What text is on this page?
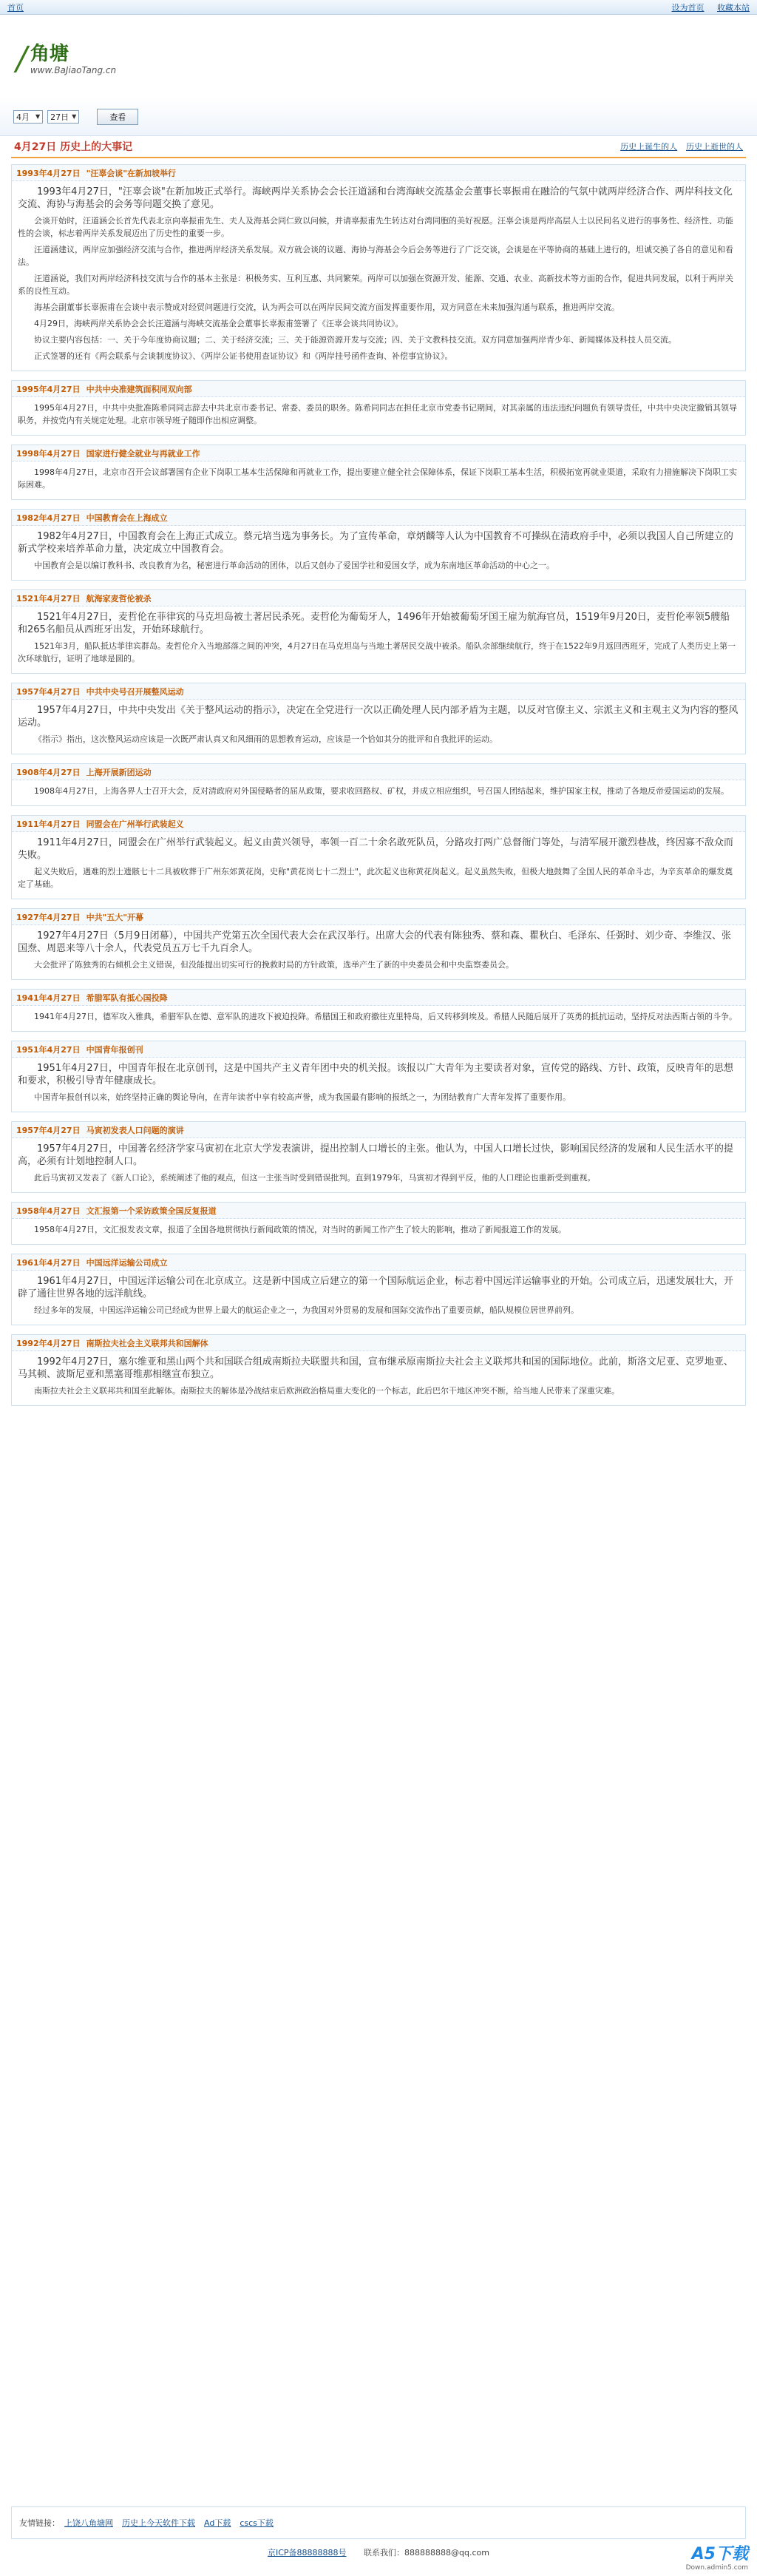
首页	设为首页 收藏本站
/ 角塘
www.BaJiaoTang.cn
4月	▼ 27日 ▼	查看
4月27日 历史上的大事记	历史上诞生的人 历史上逝世的人
1993年4月27日 "汪辜会谈"在新加坡举行

1993年4月27日，"汪辜会谈"在新加坡正式举行。海峡两岸关系协会会长汪道涵和台湾海峡交流基金会董事长辜振甫在融洽的气氛中就两岸经济合作、两岸科技文化交流、海协与海基会的会务等问题交换了意见。

会谈开始时，汪道涵会长首先代表北京向辜振甫先生、夫人及海基会同仁致以问候，并请辜振甫先生转达对台湾同胞的美好祝愿。汪辜会谈是两岸高层人士以民间名义进行的事务性、经济性、功能性的会谈，标志着两岸关系发展迈出了历史性的重要一步。

汪道涵建议，两岸应加强经济交流与合作，推进两岸经济关系发展。双方就会谈的议题、海协与海基会今后会务等进行了广泛交谈，会谈是在平等协商的基础上进行的，坦诚交换了各自的意见和看法。

汪道涵说，我们对两岸经济科技交流与合作的基本主张是：积极务实、互利互惠、共同繁荣。两岸可以加强在资源开发、能源、交通、农业、高新技术等方面的合作，促进共同发展，以利于两岸关系的良性互动。

海基会副董事长辜振甫在会谈中表示赞成对经贸问题进行交流，认为两会可以在两岸民间交流方面发挥重要作用，双方同意在未来加强沟通与联系，推进两岸交流。

4月29日，海峡两岸关系协会会长汪道涵与海峡交流基金会董事长辜振甫签署了《汪辜会谈共同协议》。

协议主要内容包括：一、关于今年度协商议题；二、关于经济交流；三、关于能源资源开发与交流；四、关于文教科技交流。双方同意加强两岸青少年、新闻媒体及科技人员交流。

正式签署的还有《两会联系与会谈制度协议》、《两岸公证书使用查证协议》和《两岸挂号函件查询、补偿事宜协议》。

1995年4月27日 中共中央准建筑面积同双向部

1995年4月27日，中共中央批准陈希同同志辞去中共北京市委书记、常委、委员的职务。陈希同同志在担任北京市党委书记期间，对其亲属的违法违纪问题负有领导责任，中共中央决定撤销其领导职务，并按党内有关规定处理。北京市领导班子随即作出相应调整。

1998年4月27日 国家进行健全就业与再就业工作

1998年4月27日，北京市召开会议部署国有企业下岗职工基本生活保障和再就业工作，提出要建立健全社会保障体系，保证下岗职工基本生活，积极拓宽再就业渠道，采取有力措施解决下岗职工实际困难。

1982年4月27日 中国教育会在上海成立

1982年4月27日，中国教育会在上海正式成立。蔡元培当选为事务长。为了宣传革命，章炳麟等人认为中国教育不可操纵在清政府手中，必须以我国人自己所建立的新式学校来培养革命力量，决定成立中国教育会。

中国教育会是以编订教科书、改良教育为名，秘密进行革命活动的团体，以后又创办了爱国学社和爱国女学，成为东南地区革命活动的中心之一。

1521年4月27日 航海家麦哲伦被杀

1521年4月27日，麦哲伦在菲律宾的马克坦岛被土著居民杀死。麦哲伦为葡萄牙人，1496年开始被葡萄牙国王雇为航海官员，1519年9月20日，麦哲伦率领5艘船和265名船员从西班牙出发，开始环球航行。

1521年3月，船队抵达菲律宾群岛。麦哲伦介入当地部落之间的冲突，4月27日在马克坦岛与当地土著居民交战中被杀。船队余部继续航行，终于在1522年9月返回西班牙，完成了人类历史上第一次环球航行，证明了地球是圆的。

1957年4月27日 中共中央号召开展整风运动

1957年4月27日，中共中央发出《关于整风运动的指示》，决定在全党进行一次以正确处理人民内部矛盾为主题，以反对官僚主义、宗派主义和主观主义为内容的整风运动。

《指示》指出，这次整风运动应该是一次既严肃认真又和风细雨的思想教育运动，应该是一个恰如其分的批评和自我批评的运动。

1908年4月27日 上海开展新团运动

1908年4月27日，上海各界人士召开大会，反对清政府对外国侵略者的屈从政策，要求收回路权、矿权，并成立相应组织，号召国人团结起来，维护国家主权，推动了各地反帝爱国运动的发展。

1911年4月27日 同盟会在广州举行武装起义

1911年4月27日，同盟会在广州举行武装起义。起义由黄兴领导，率领一百二十余名敢死队员，分路攻打两广总督衙门等处，与清军展开激烈巷战，终因寡不敌众而失败。

起义失败后，遇难的烈士遗骸七十二具被收葬于广州东郊黄花岗，史称"黄花岗七十二烈士"，此次起义也称黄花岗起义。起义虽然失败，但极大地鼓舞了全国人民的革命斗志，为辛亥革命的爆发奠定了基础。

1927年4月27日 中共"五大"开幕

1927年4月27日（5月9日闭幕），中国共产党第五次全国代表大会在武汉举行。出席大会的代表有陈独秀、蔡和森、瞿秋白、毛泽东、任弼时、刘少奇、李维汉、张国焘、周恩来等八十余人，代表党员五万七千九百余人。

大会批评了陈独秀的右倾机会主义错误，但没能提出切实可行的挽救时局的方针政策，选举产生了新的中央委员会和中央监察委员会。

1941年4月27日 希腊军队有抵心国投降

1941年4月27日，德军攻入雅典，希腊军队在德、意军队的进攻下被迫投降。希腊国王和政府撤往克里特岛，后又转移到埃及。希腊人民随后展开了英勇的抵抗运动，坚持反对法西斯占领的斗争。

1951年4月27日 中国青年报创刊

1951年4月27日，中国青年报在北京创刊，这是中国共产主义青年团中央的机关报。该报以广大青年为主要读者对象，宣传党的路线、方针、政策，反映青年的思想和要求，积极引导青年健康成长。

中国青年报创刊以来，始终坚持正确的舆论导向，在青年读者中享有较高声誉，成为我国最有影响的报纸之一，为团结教育广大青年发挥了重要作用。

1957年4月27日 马寅初发表人口问题的演讲

1957年4月27日，中国著名经济学家马寅初在北京大学发表演讲，提出控制人口增长的主张。他认为，中国人口增长过快，影响国民经济的发展和人民生活水平的提高，必须有计划地控制人口。

此后马寅初又发表了《新人口论》，系统阐述了他的观点，但这一主张当时受到错误批判。直到1979年，马寅初才得到平反，他的人口理论也重新受到重视。

1958年4月27日 文汇报第一个采访政策全国反复报道

1958年4月27日，文汇报发表文章，报道了全国各地贯彻执行新闻政策的情况，对当时的新闻工作产生了较大的影响，推动了新闻报道工作的发展。

1961年4月27日 中国远洋运输公司成立

1961年4月27日，中国远洋运输公司在北京成立。这是新中国成立后建立的第一个国际航运企业，标志着中国远洋运输事业的开始。公司成立后，迅速发展壮大，开辟了通往世界各地的远洋航线。

经过多年的发展，中国远洋运输公司已经成为世界上最大的航运企业之一，为我国对外贸易的发展和国际交流作出了重要贡献，船队规模位居世界前列。

1992年4月27日 南斯拉夫社会主义联邦共和国解体

1992年4月27日，塞尔维亚和黑山两个共和国联合组成南斯拉夫联盟共和国，宣布继承原南斯拉夫社会主义联邦共和国的国际地位。此前，斯洛文尼亚、克罗地亚、马其顿、波斯尼亚和黑塞哥维那相继宣布独立。

南斯拉夫社会主义联邦共和国至此解体。南斯拉夫的解体是冷战结束后欧洲政治格局重大变化的一个标志，此后巴尔干地区冲突不断，给当地人民带来了深重灾难。

友情链接： 上饶八角塘网 历史上今天软件下载 Ad下载 cscs下载
京ICP备88888888号 联系我们：888888888@qq.com	A5下载
Down.admin5.com
